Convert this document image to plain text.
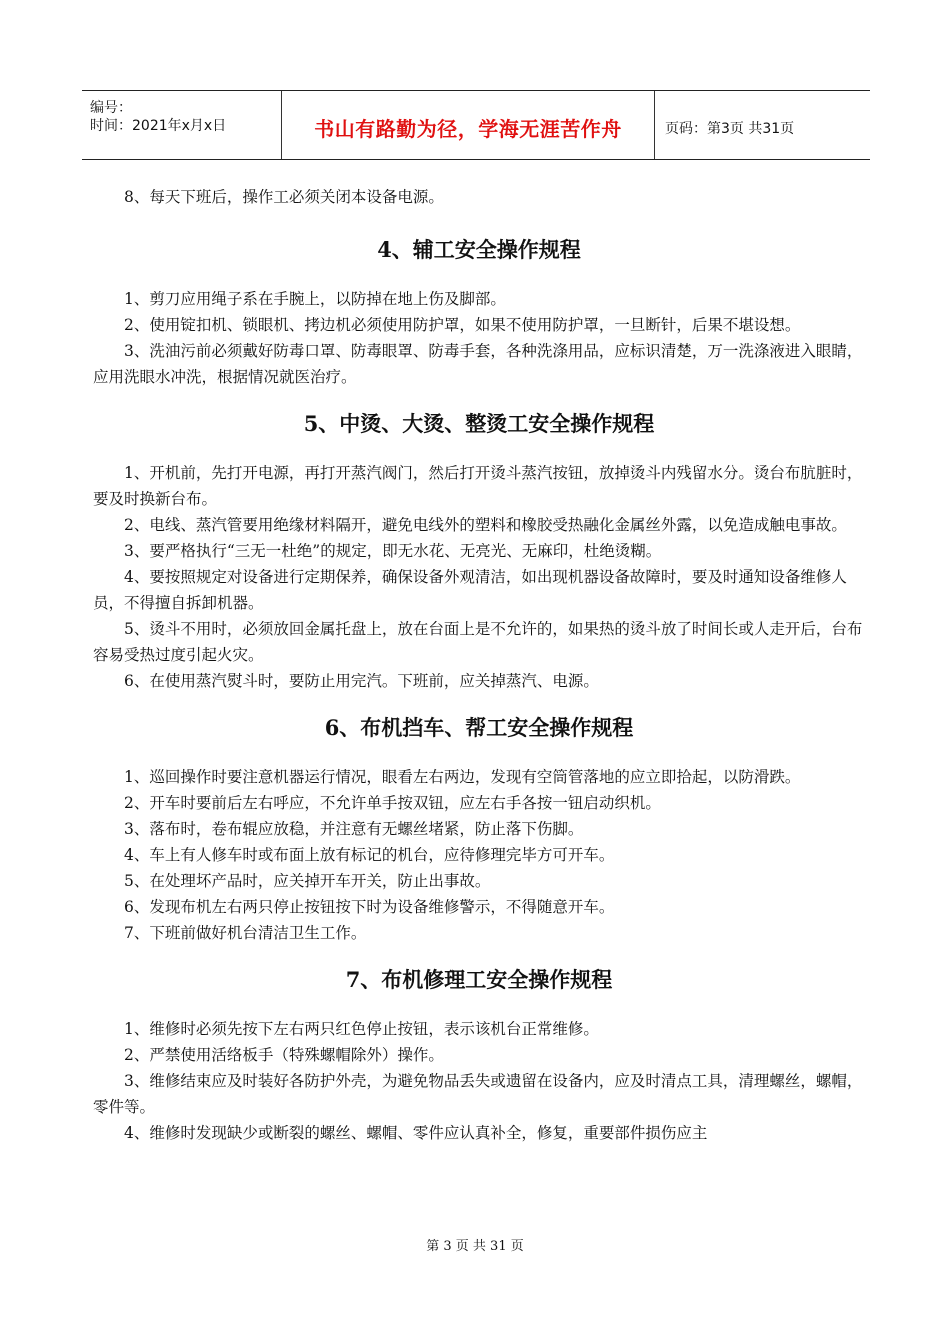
编号：
时间：2021年x月x日	书山有路勤为径，学海无涯苦作舟	页码：第3页 共31页

8、每天下班后，操作工必须关闭本设备电源。

4、辅工安全操作规程

1、剪刀应用绳子系在手腕上，以防掉在地上伤及脚部。

2、使用锭扣机、锁眼机、拷边机必须使用防护罩，如果不使用防护罩，一旦断针，后果不堪设想。

3、洗油污前必须戴好防毒口罩、防毒眼罩、防毒手套，各种洗涤用品，应标识清楚，万一洗涤液进入眼睛，应用洗眼水冲洗，根据情况就医治疗。

5、中烫、大烫、整烫工安全操作规程

1、开机前，先打开电源，再打开蒸汽阀门，然后打开烫斗蒸汽按钮，放掉烫斗内残留水分。烫台布肮脏时，要及时换新台布。

2、电线、蒸汽管要用绝缘材料隔开，避免电线外的塑料和橡胶受热融化金属丝外露，以免造成触电事故。

3、要严格执行“三无一杜绝”的规定，即无水花、无亮光、无麻印，杜绝烫糊。

4、要按照规定对设备进行定期保养，确保设备外观清洁，如出现机器设备故障时，要及时通知设备维修人员，不得擅自拆卸机器。

5、烫斗不用时，必须放回金属托盘上，放在台面上是不允许的，如果热的烫斗放了时间长或人走开后，台布容易受热过度引起火灾。

6、在使用蒸汽熨斗时，要防止用完汽。下班前，应关掉蒸汽、电源。

6、布机挡车、帮工安全操作规程

1、巡回操作时要注意机器运行情况，眼看左右两边，发现有空筒管落地的应立即拾起，以防滑跌。

2、开车时要前后左右呼应，不允许单手按双钮，应左右手各按一钮启动织机。

3、落布时，卷布辊应放稳，并注意有无螺丝堵紧，防止落下伤脚。

4、车上有人修车时或布面上放有标记的机台，应待修理完毕方可开车。

5、在处理坏产品时，应关掉开车开关，防止出事故。

6、发现布机左右两只停止按钮按下时为设备维修警示，不得随意开车。

7、下班前做好机台清洁卫生工作。

7、布机修理工安全操作规程

1、维修时必须先按下左右两只红色停止按钮，表示该机台正常维修。

2、严禁使用活络板手（特殊螺帽除外）操作。

3、维修结束应及时装好各防护外壳，为避免物品丢失或遗留在设备内，应及时清点工具，清理螺丝，螺帽，零件等。

4、维修时发现缺少或断裂的螺丝、螺帽、零件应认真补全，修复，重要部件损伤应主

第 3 页 共 31 页
